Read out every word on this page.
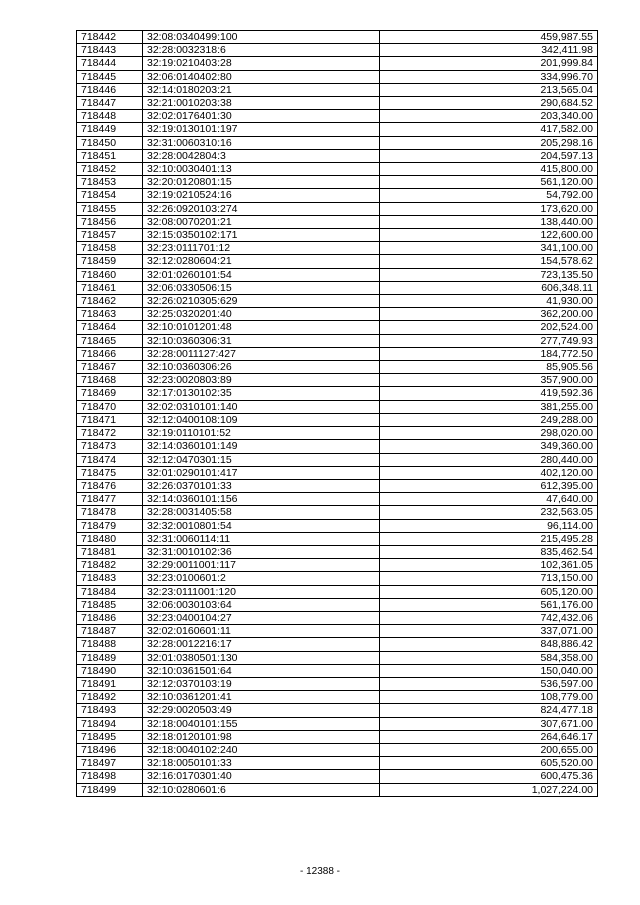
718442	32:08:0340499:100	459,987.55
718443	32:28:0032318:6	342,411.98
718444	32:19:0210403:28	201,999.84
718445	32:06:0140402:80	334,996.70
718446	32:14:0180203:21	213,565.04
718447	32:21:0010203:38	290,684.52
718448	32:02:0176401:30	203,340.00
718449	32:19:0130101:197	417,582.00
718450	32:31:0060310:16	205,298.16
718451	32:28:0042804:3	204,597.13
718452	32:10:0030401:13	415,800.00
718453	32:20:0120801:15	561,120.00
718454	32:19:0210524:16	54,792.00
718455	32:26:0920103:274	173,620.00
718456	32:08:0070201:21	138,440.00
718457	32:15:0350102:171	122,600.00
718458	32:23:0111701:12	341,100.00
718459	32:12:0280604:21	154,578.62
718460	32:01:0260101:54	723,135.50
718461	32:06:0330506:15	606,348.11
718462	32:26:0210305:629	41,930.00
718463	32:25:0320201:40	362,200.00
718464	32:10:0101201:48	202,524.00
718465	32:10:0360306:31	277,749.93
718466	32:28:0011127:427	184,772.50
718467	32:10:0360306:26	85,905.56
718468	32:23:0020803:89	357,900.00
718469	32:17:0130102:35	419,592.36
718470	32:02:0310101:140	381,255.00
718471	32:12:0400108:109	249,288.00
718472	32:19:0110101:52	298,020.00
718473	32:14:0360101:149	349,360.00
718474	32:12:0470301:15	280,440.00
718475	32:01:0290101:417	402,120.00
718476	32:26:0370101:33	612,395.00
718477	32:14:0360101:156	47,640.00
718478	32:28:0031405:58	232,563.05
718479	32:32:0010801:54	96,114.00
718480	32:31:0060114:11	215,495.28
718481	32:31:0010102:36	835,462.54
718482	32:29:0011001:117	102,361.05
718483	32:23:0100601:2	713,150.00
718484	32:23:0111001:120	605,120.00
718485	32:06:0030103:64	561,176.00
718486	32:23:0400104:27	742,432.06
718487	32:02:0160601:11	337,071.00
718488	32:28:0012216:17	848,886.42
718489	32:01:0380501:130	584,358.00
718490	32:10:0361501:64	150,040.00
718491	32:12:0370103:19	536,597.00
718492	32:10:0361201:41	108,779.00
718493	32:29:0020503:49	824,477.18
718494	32:18:0040101:155	307,671.00
718495	32:18:0120101:98	264,646.17
718496	32:18:0040102:240	200,655.00
718497	32:18:0050101:33	605,520.00
718498	32:16:0170301:40	600,475.36
718499	32:10:0280601:6	1,027,224.00
- 12388 -
